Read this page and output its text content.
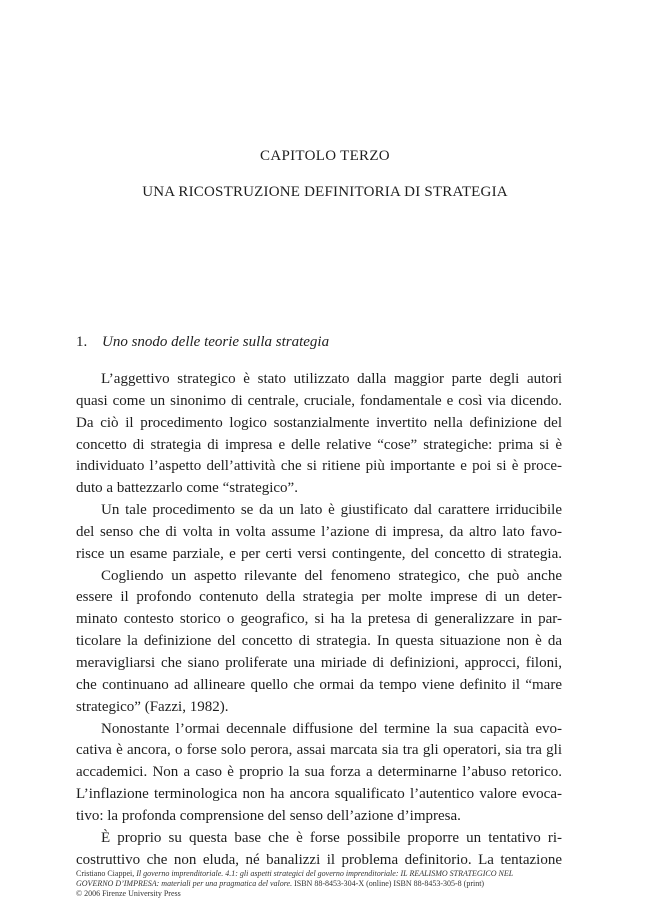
CAPITOLO TERZO
UNA RICOSTRUZIONE DEFINITORIA DI STRATEGIA
1. Uno snodo delle teorie sulla strategia
L’aggettivo strategico è stato utilizzato dalla maggior parte degli autori
quasi come un sinonimo di centrale, cruciale, fondamentale e così via dicendo.
Da ciò il procedimento logico sostanzialmente invertito nella definizione del
concetto di strategia di impresa e delle relative “cose” strategiche: prima si è
individuato l’aspetto dell’attività che si ritiene più importante e poi si è proce-
duto a battezzarlo come “strategico”.
Un tale procedimento se da un lato è giustificato dal carattere irriducibile
del senso che di volta in volta assume l’azione di impresa, da altro lato favo-
risce un esame parziale, e per certi versi contingente, del concetto di strategia.
Cogliendo un aspetto rilevante del fenomeno strategico, che può anche
essere il profondo contenuto della strategia per molte imprese di un deter-
minato contesto storico o geografico, si ha la pretesa di generalizzare in par-
ticolare la definizione del concetto di strategia. In questa situazione non è da
meravigliarsi che siano proliferate una miriade di definizioni, approcci, filoni,
che continuano ad allineare quello che ormai da tempo viene definito il “mare
strategico” (Fazzi, 1982).
Nonostante l’ormai decennale diffusione del termine la sua capacità evo-
cativa è ancora, o forse solo perora, assai marcata sia tra gli operatori, sia tra gli
accademici. Non a caso è proprio la sua forza a determinarne l’abuso retorico.
L’inflazione terminologica non ha ancora squalificato l’autentico valore evoca-
tivo: la profonda comprensione del senso dell’azione d’impresa.
È proprio su questa base che è forse possibile proporre un tentativo ri-
costruttivo che non eluda, né banalizzi il problema definitorio. La tentazione
Cristiano Ciappei, Il governo imprenditoriale. 4.1: gli aspetti strategici del governo imprenditoriale: IL REALISMO STRATEGICO NEL
GOVERNO D’IMPRESA: materiali per una pragmatica del valore. ISBN 88-8453-304-X (online) ISBN 88-8453-305-8 (print)
© 2006 Firenze University Press
